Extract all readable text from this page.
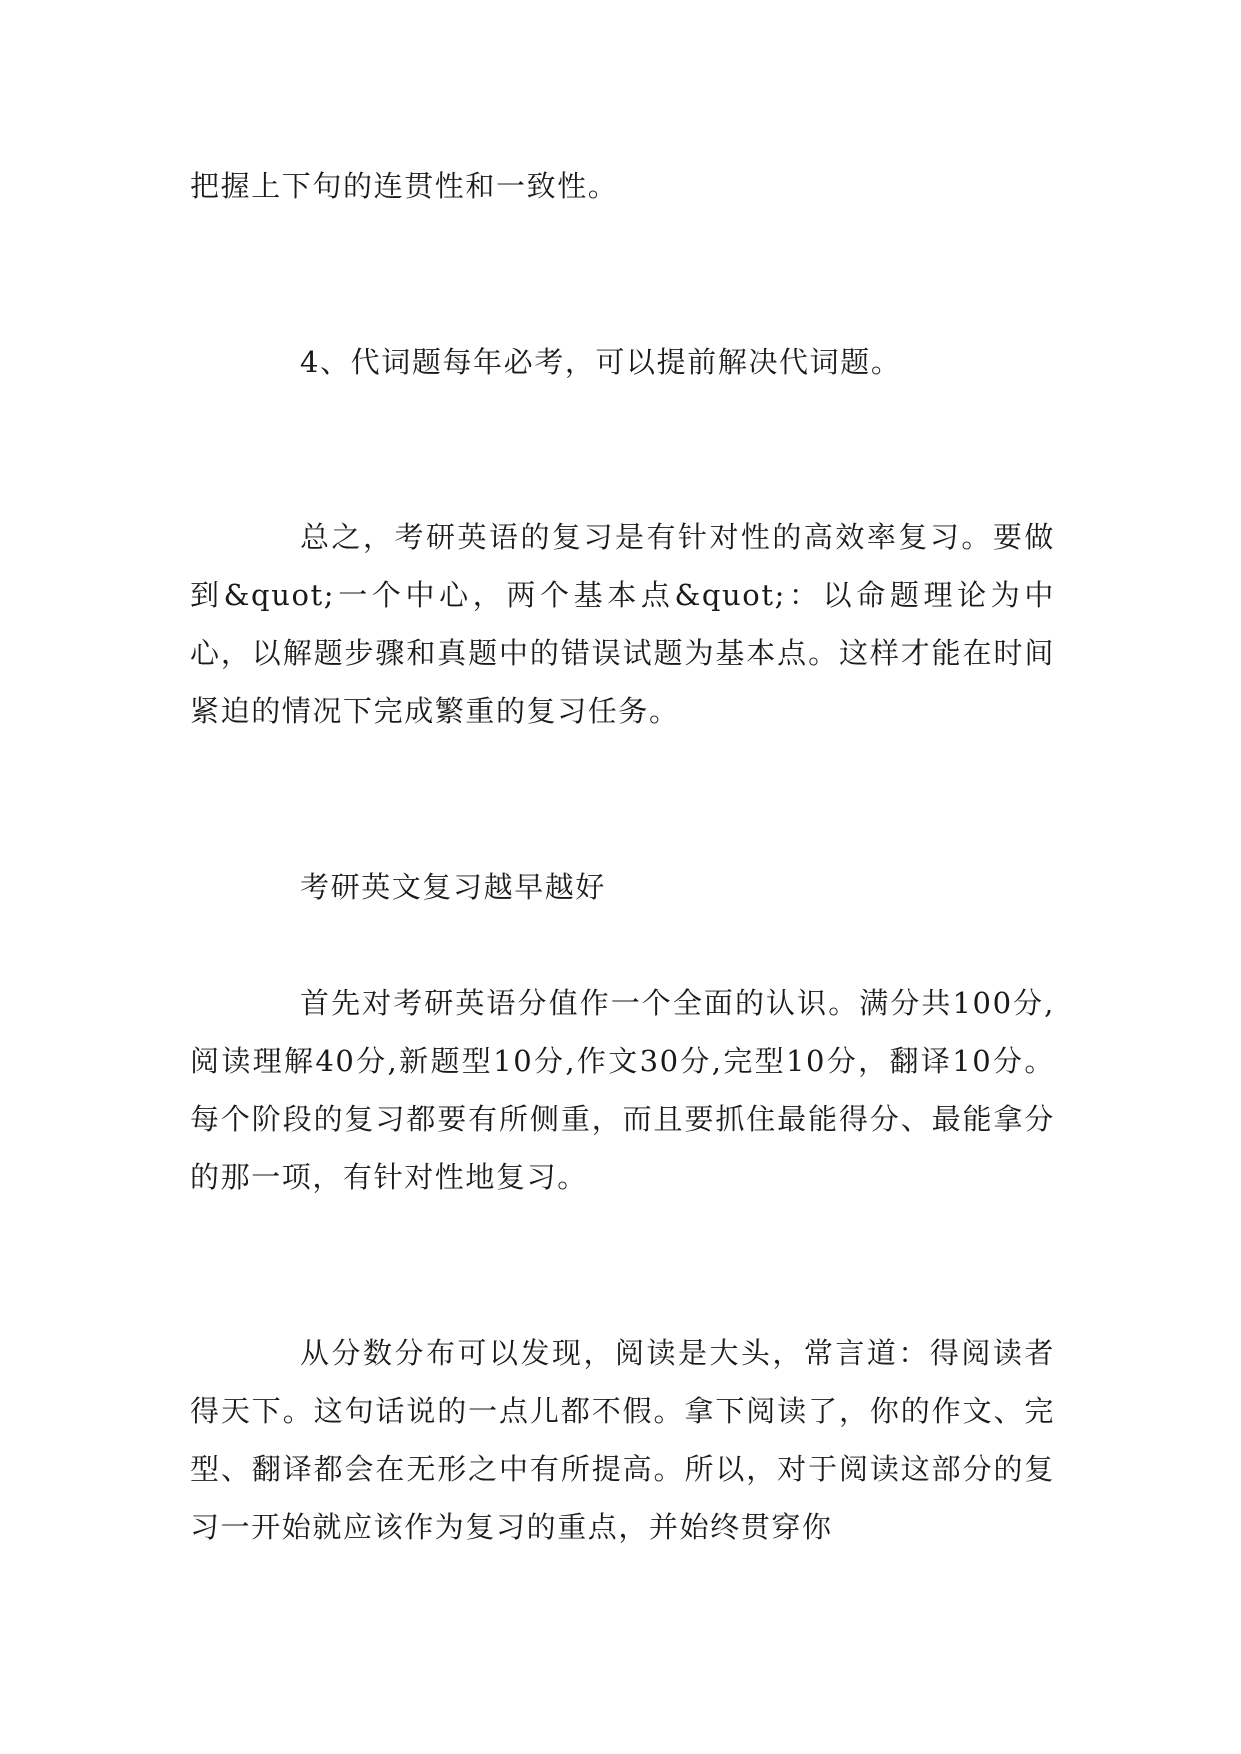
把握上下句的连贯性和一致性。

4、代词题每年必考，可以提前解决代词题。

总之，考研英语的复习是有针对性的高效率复习。要做到&quot;一个中心，两个基本点&quot;：以命题理论为中心，以解题步骤和真题中的错误试题为基本点。这样才能在时间紧迫的情况下完成繁重的复习任务。

考研英文复习越早越好

首先对考研英语分值作一个全面的认识。满分共100分,阅读理解40分,新题型10分,作文30分,完型10分，翻译10分。每个阶段的复习都要有所侧重，而且要抓住最能得分、最能拿分的那一项，有针对性地复习。

从分数分布可以发现，阅读是大头，常言道：得阅读者得天下。这句话说的一点儿都不假。拿下阅读了，你的作文、完型、翻译都会在无形之中有所提高。所以，对于阅读这部分的复习一开始就应该作为复习的重点，并始终贯穿你
